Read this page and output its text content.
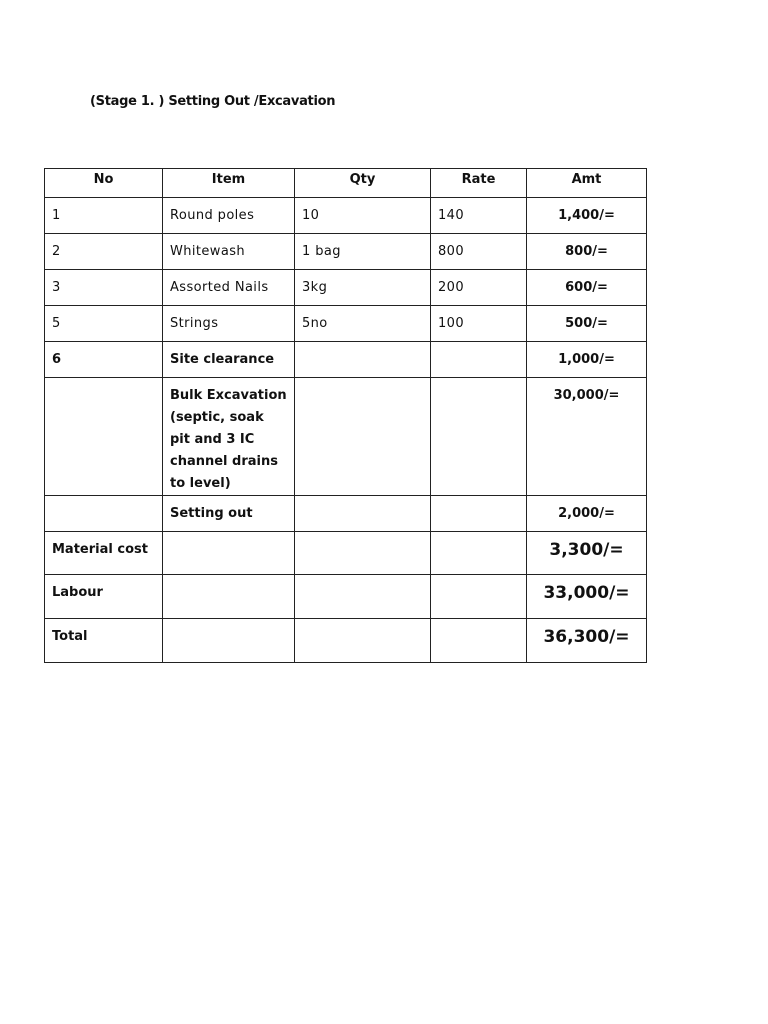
(Stage 1. ) Setting Out /Excavation
No	Item	Qty	Rate	Amt
1	Round poles	10	140	1,400/=
2	Whitewash	1 bag	800	800/=
3	Assorted Nails	3kg	200	600/=
5	Strings	5no	100	500/=
6	Site clearance			1,000/=
	Bulk Excavation (septic, soak pit and 3 IC channel drains to level)			30,000/=
	Setting out			2,000/=
Material cost				3,300/=
Labour				33,000/=
Total				36,300/=
